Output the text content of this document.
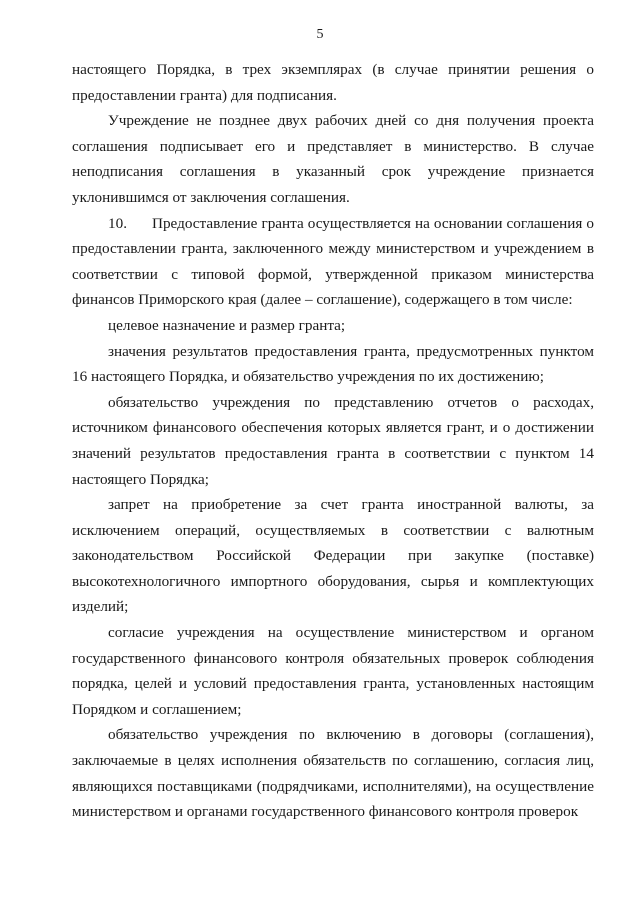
5

настоящего Порядка, в трех экземплярах (в случае принятии решения о предоставлении гранта) для подписания.

Учреждение не позднее двух рабочих дней со дня получения проекта соглашения подписывает его и представляет в министерство. В случае неподписания соглашения в указанный срок учреждение признается уклонившимся от заключения соглашения.

10. Предоставление гранта осуществляется на основании соглашения о предоставлении гранта, заключенного между министерством и учреждением в соответствии с типовой формой, утвержденной приказом министерства финансов Приморского края (далее – соглашение), содержащего в том числе:

целевое назначение и размер гранта;

значения результатов предоставления гранта, предусмотренных пунктом 16 настоящего Порядка, и обязательство учреждения по их достижению;

обязательство учреждения по представлению отчетов о расходах, источником финансового обеспечения которых является грант, и о достижении значений результатов предоставления гранта в соответствии с пунктом 14 настоящего Порядка;

запрет на приобретение за счет гранта иностранной валюты, за исключением операций, осуществляемых в соответствии с валютным законодательством Российской Федерации при закупке (поставке) высокотехнологичного импортного оборудования, сырья и комплектующих изделий;

согласие учреждения на осуществление министерством и органом государственного финансового контроля обязательных проверок соблюдения порядка, целей и условий предоставления гранта, установленных настоящим Порядком и соглашением;

обязательство учреждения по включению в договоры (соглашения), заключаемые в целях исполнения обязательств по соглашению, согласия лиц, являющихся поставщиками (подрядчиками, исполнителями), на осуществление министерством и органами государственного финансового контроля проверок
